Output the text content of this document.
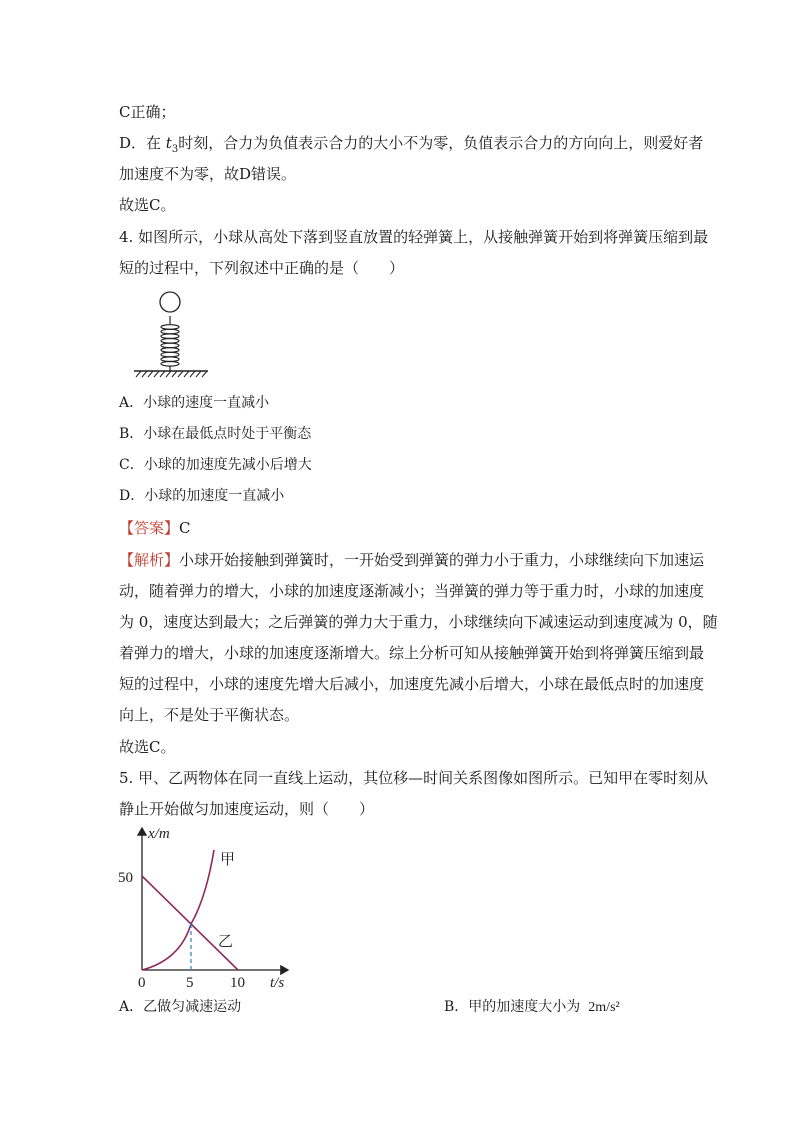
C正确；
D．在 $t_3$时刻，合力为负值表示合力的大小不为零，负值表示合力的方向向上，则爱好者
加速度不为零，故D错误。
故选C。
4. 如图所示，小球从高处下落到竖直放置的轻弹簧上，从接触弹簧开始到将弹簧压缩到最
短的过程中，下列叙述中正确的是（　　）
A．小球的速度一直减小
B．小球在最低点时处于平衡态
C．小球的加速度先减小后增大
D．小球的加速度一直减小
【答案】C
【解析】小球开始接触到弹簧时，一开始受到弹簧的弹力小于重力，小球继续向下加速运
动，随着弹力的增大，小球的加速度逐渐减小；当弹簧的弹力等于重力时，小球的加速度
为 0，速度达到最大；之后弹簧的弹力大于重力，小球继续向下减速运动到速度减为 0，随
着弹力的增大，小球的加速度逐渐增大。综上分析可知从接触弹簧开始到将弹簧压缩到最
短的过程中，小球的速度先增大后减小，加速度先减小后增大，小球在最低点时的加速度
向上，不是处于平衡状态。
故选C。
5. 甲、乙两物体在同一直线上运动，其位移—时间关系图像如图所示。已知甲在零时刻从
静止开始做匀加速度运动，则（　　）
x/m
t/s
50
0	5 10
甲
乙
A．乙做匀减速运动	B．甲的加速度大小为 2m/s²
